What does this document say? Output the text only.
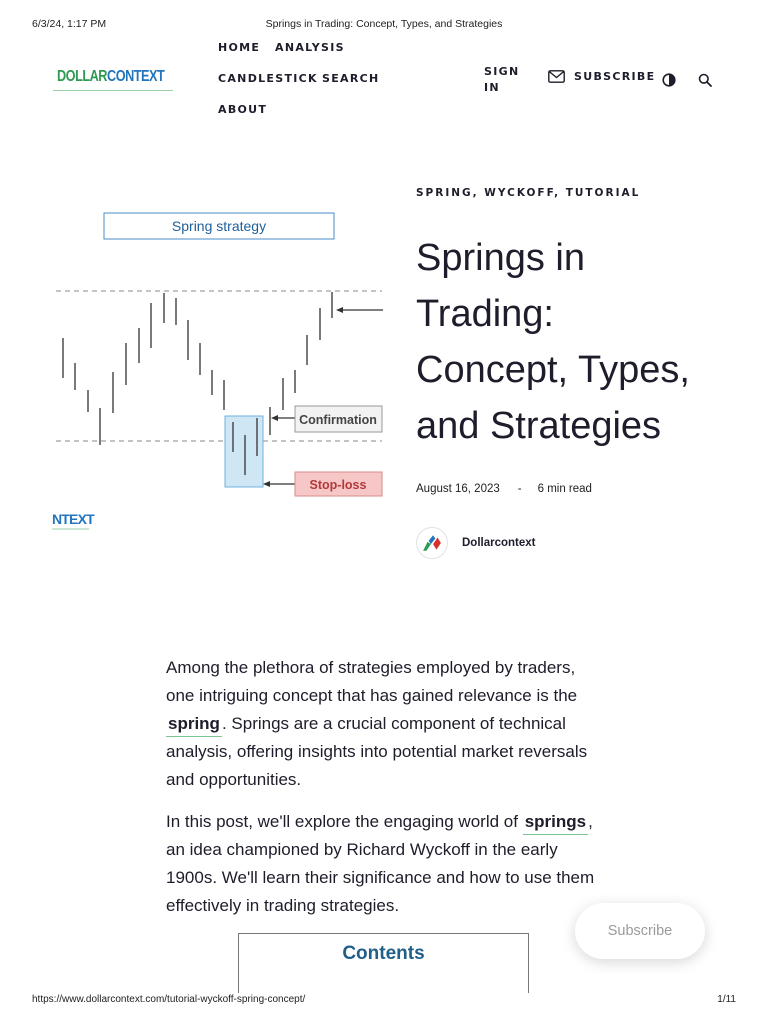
6/3/24, 1:17 PM	Springs in Trading: Concept, Types, and Strategies
DOLLARCONTEXT
HOME ANALYSIS
CANDLESTICK SEARCH
ABOUT
SIGN IN
SUBSCRIBE
Spring strategy
Confirmation
Stop-loss
NTEXT
SPRING, WYCKOFF, TUTORIAL
Springs in Trading: Concept, Types, and Strategies
August 16, 2023 - 6 min read
Dollarcontext

Among the plethora of strategies employed by traders, one intriguing concept that has gained relevance is the spring . Springs are a crucial component of technical analysis, offering insights into potential market reversals and opportunities.

In this post, we'll explore the engaging world of springs , an idea championed by Richard Wyckoff in the early 1900s. We'll learn their significance and how to use them effectively in trading strategies.

Contents
Subscribe
https://www.dollarcontext.com/tutorial-wyckoff-spring-concept/	1/11
